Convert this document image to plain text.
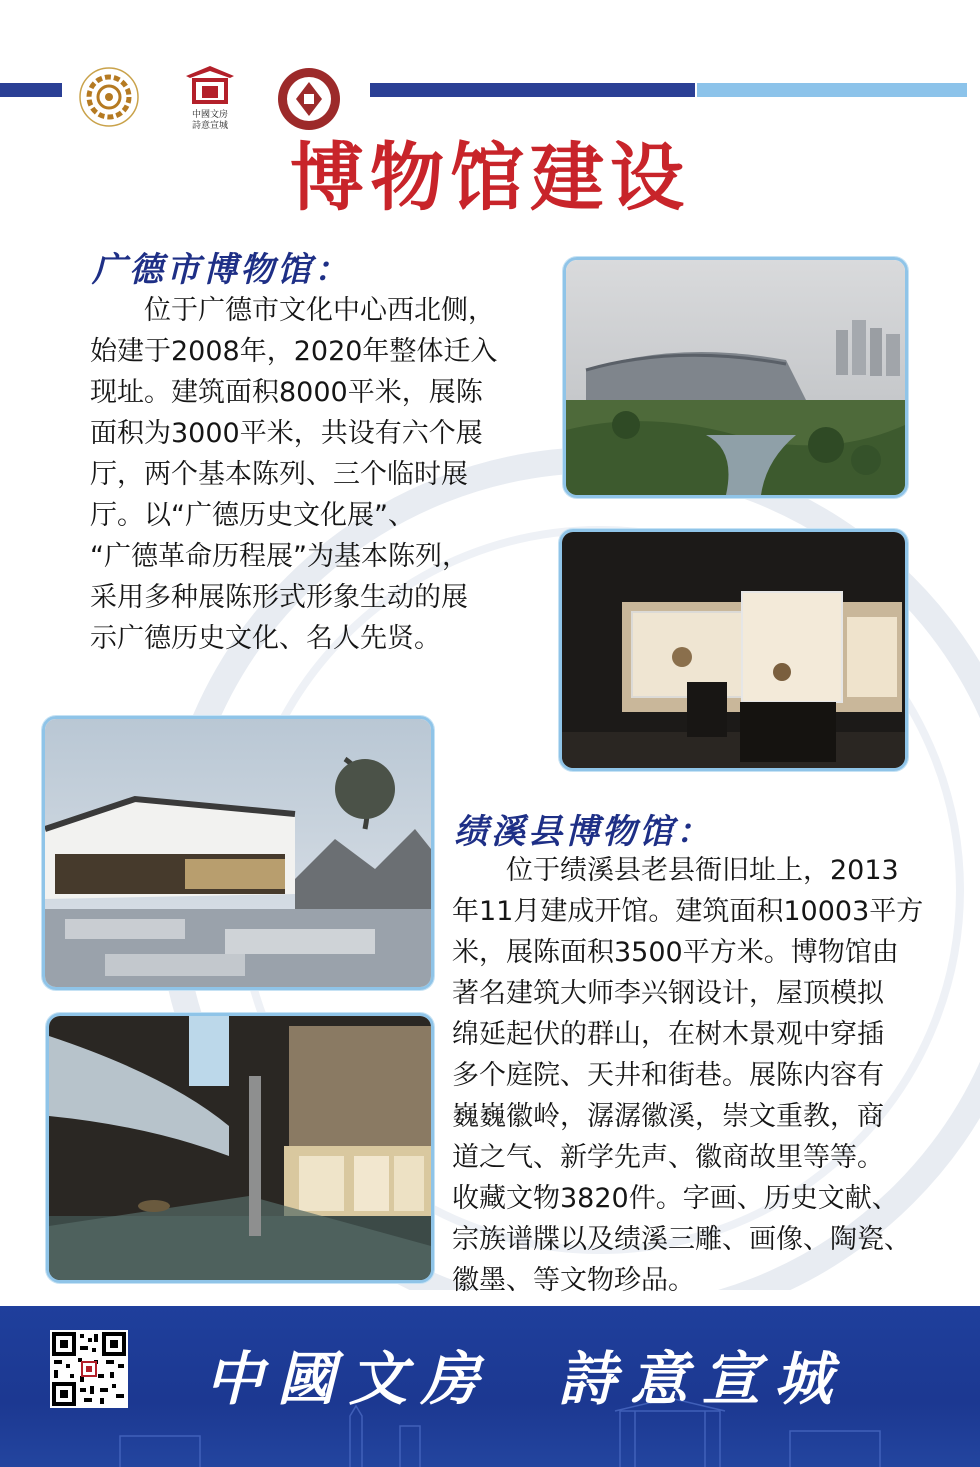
中國文房
詩意宣城
博物馆建设
广德市博物馆：
　　位于广德市文化中心西北侧，
始建于2008年，2020年整体迁入
现址。建筑面积8000平米，展陈
面积为3000平米，共设有六个展
厅，两个基本陈列、三个临时展
厅。以“广德历史文化展”、
“广德革命历程展”为基本陈列，
采用多种展陈形式形象生动的展
示广德历史文化、名人先贤。
绩溪县博物馆：
　　位于绩溪县老县衙旧址上，2013
年11月建成开馆。建筑面积10003平方
米，展陈面积3500平方米。博物馆由
著名建筑大师李兴钢设计，屋顶模拟
绵延起伏的群山，在树木景观中穿插
多个庭院、天井和街巷。展陈内容有
巍巍徽岭，潺潺徽溪，崇文重教，商
道之气、新学先声、徽商故里等等。
收藏文物3820件。字画、历史文献、
宗族谱牒以及绩溪三雕、画像、陶瓷、
徽墨、等文物珍品。
中國文房 詩意宣城
